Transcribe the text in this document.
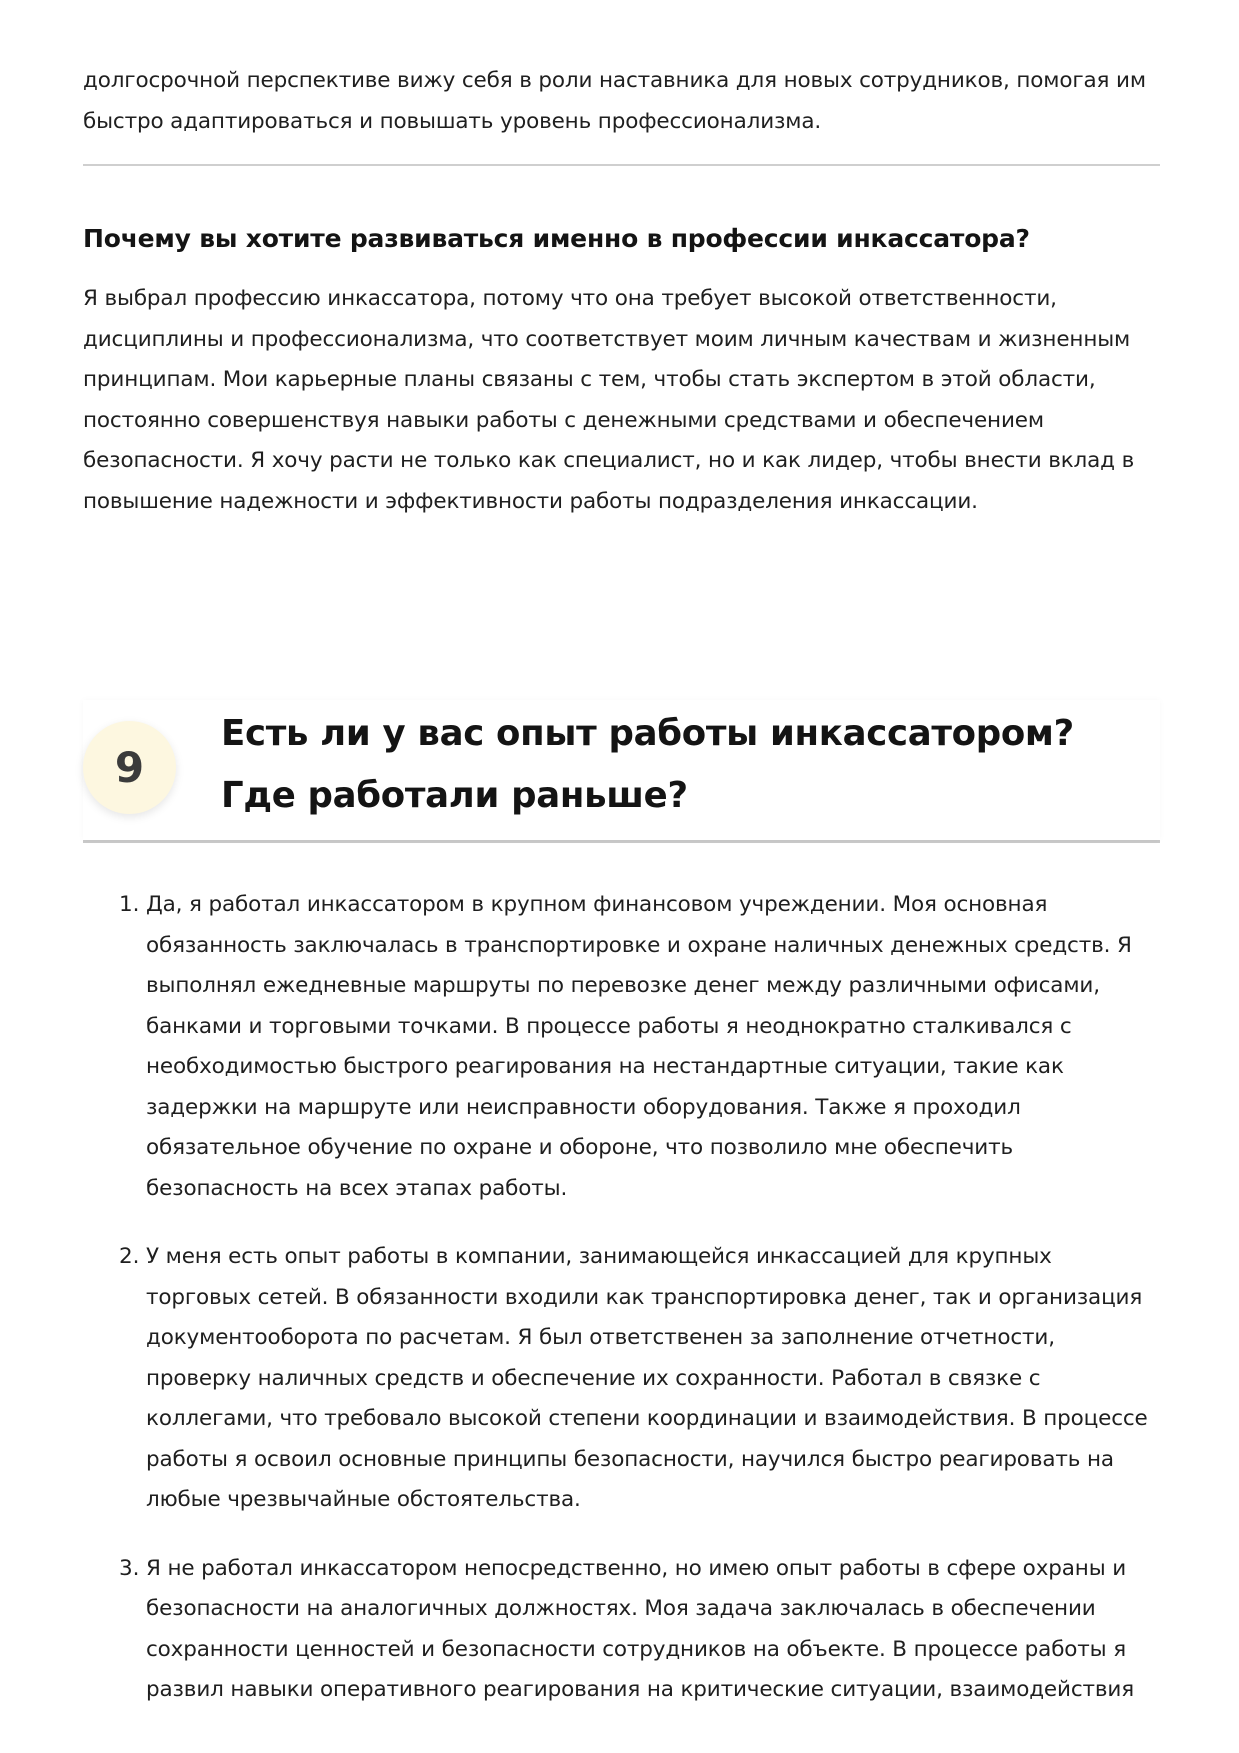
долгосрочной перспективе вижу себя в роли наставника для новых сотрудников, помогая им быстро адаптироваться и повышать уровень профессионализма.

Почему вы хотите развиваться именно в профессии инкассатора?

Я выбрал профессию инкассатора, потому что она требует высокой ответственности, дисциплины и профессионализма, что соответствует моим личным качествам и жизненным принципам. Мои карьерные планы связаны с тем, чтобы стать экспертом в этой области, постоянно совершенствуя навыки работы с денежными средствами и обеспечением безопасности. Я хочу расти не только как специалист, но и как лидер, чтобы внести вклад в повышение надежности и эффективности работы подразделения инкассации.

9
Есть ли у вас опыт работы инкассатором? Где работали раньше?
1. Да, я работал инкассатором в крупном финансовом учреждении. Моя основная обязанность заключалась в транспортировке и охране наличных денежных средств. Я выполнял ежедневные маршруты по перевозке денег между различными офисами, банками и торговыми точками. В процессе работы я неоднократно сталкивался с необходимостью быстрого реагирования на нестандартные ситуации, такие как задержки на маршруте или неисправности оборудования. Также я проходил обязательное обучение по охране и обороне, что позволило мне обеспечить безопасность на всех этапах работы.

2. У меня есть опыт работы в компании, занимающейся инкассацией для крупных торговых сетей. В обязанности входили как транспортировка денег, так и организация документооборота по расчетам. Я был ответственен за заполнение отчетности, проверку наличных средств и обеспечение их сохранности. Работал в связке с коллегами, что требовало высокой степени координации и взаимодействия. В процессе работы я освоил основные принципы безопасности, научился быстро реагировать на любые чрезвычайные обстоятельства.

3. Я не работал инкассатором непосредственно, но имею опыт работы в сфере охраны и безопасности на аналогичных должностях. Моя задача заключалась в обеспечении сохранности ценностей и безопасности сотрудников на объекте. В процессе работы я развил навыки оперативного реагирования на критические ситуации, взаимодействия
